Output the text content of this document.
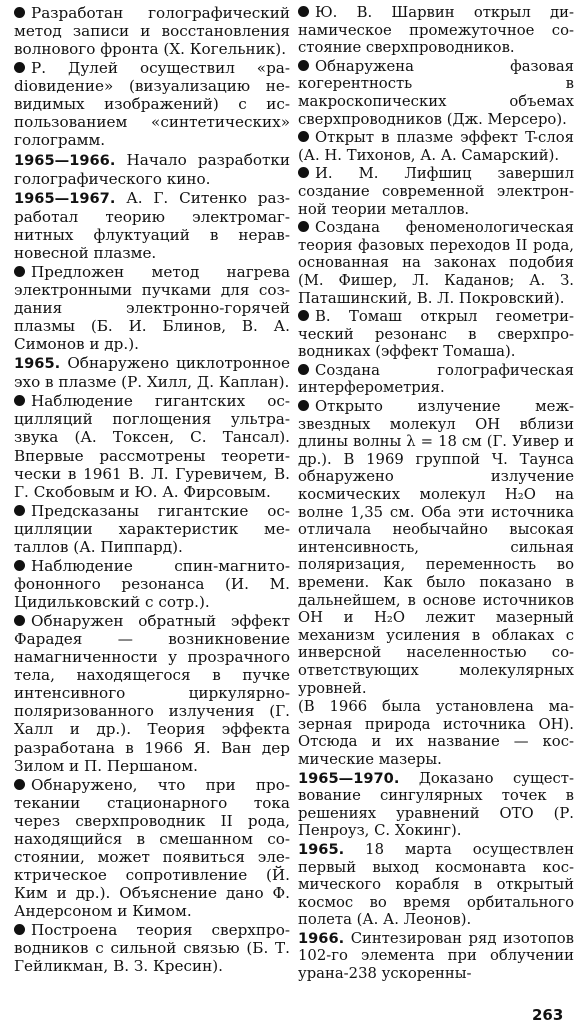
Разработан голографический метод записи и восстановления волнового фронта (Х. Когельник).
Р. Дулей осуществил «раdiовидение» (визуализацию невидимых изображений) с использованием «синтетических» голограмм.
1965—1966. Начало разработки голографического кино.
1965—1967. А. Г. Ситенко разработал теорию электромагнитных флуктуаций в неравновесной плазме.
Предложен метод нагрева электронными пучками для создания электронно-горячей плазмы (Б. И. Блинов, В. А. Симонов и др.).
1965. Обнаружено циклотронное эхо в плазме (Р. Хилл, Д. Каплан).
Наблюдение гигантских осцилляций поглощения ультразвука (А. Токсен, С. Тансал). Впервые рассмотрены теоретически в 1961 В. Л. Гуревичем, В. Г. Скобовым и Ю. А. Фирсовым.
Предсказаны гигантские осцилляции характеристик металлов (А. Пиппард).
Наблюдение спин-магнитофононного резонанса (И. М. Цидильковский с сотр.).
Обнаружен обратный эффект Фарадея — возникновение намагниченности у прозрачного тела, находящегося в пучке интенсивного циркулярно-поляризованного излучения (Г. Халл и др.). Теория эффекта разработана в 1966 Я. Ван дер Зилом и П. Першаном.
Обнаружено, что при протекании стационарного тока через сверхпроводник II рода, находящийся в смешанном состоянии, может появиться электрическое сопротивление (Й. Ким и др.). Объяснение дано Ф. Андерсоном и Кимом.
Построена теория сверхпроводников с сильной связью (Б. Т. Гейликман, В. З. Кресин).
Ю. В. Шарвин открыл динамическое промежуточное состояние сверхпроводников.
Обнаружена фазовая когерентность в макроскопических объемах сверхпроводников (Дж. Мерсеро).
Открыт в плазме эффект T-слоя (А. Н. Тихонов, А. А. Самарский).
И. М. Лифшиц завершил создание современной электронной теории металлов.
Создана феноменологическая теория фазовых переходов II рода, основанная на законах подобия (М. Фишер, Л. Каданов; А. З. Паташинский, В. Л. Покровский).
В. Томаш открыл геометрический резонанс в сверхпроводниках (эффект Томаша).
Создана голографическая интерферометрия.
Открыто излучение межзвездных молекул OH вблизи длины волны λ = 18 см (Г. Уивер и др.). В 1969 группой Ч. Таунса обнаружено излучение космических молекул H₂O на волне 1,35 см. Оба эти источника отличала необычайно высокая интенсивность, сильная поляризация, переменность во времени. Как было показано в дальнейшем, в основе источников OH и H₂O лежит мазерный механизм усиления в облаках с инверсной населенностью соответствующих молекулярных уровней.
(В 1966 была установлена мазерная природа источника OH). Отсюда и их название — космические мазеры.
1965—1970. Доказано существование сингулярных точек в решениях уравнений ОТО (Р. Пенроуз, С. Хокинг).
1965. 18 марта осуществлен первый выход космонавта космического корабля в открытый космос во время орбитального полета (А. А. Леонов).
1966. Синтезирован ряд изотопов 102-го элемента при облучении урана-238 ускоренны-
263
